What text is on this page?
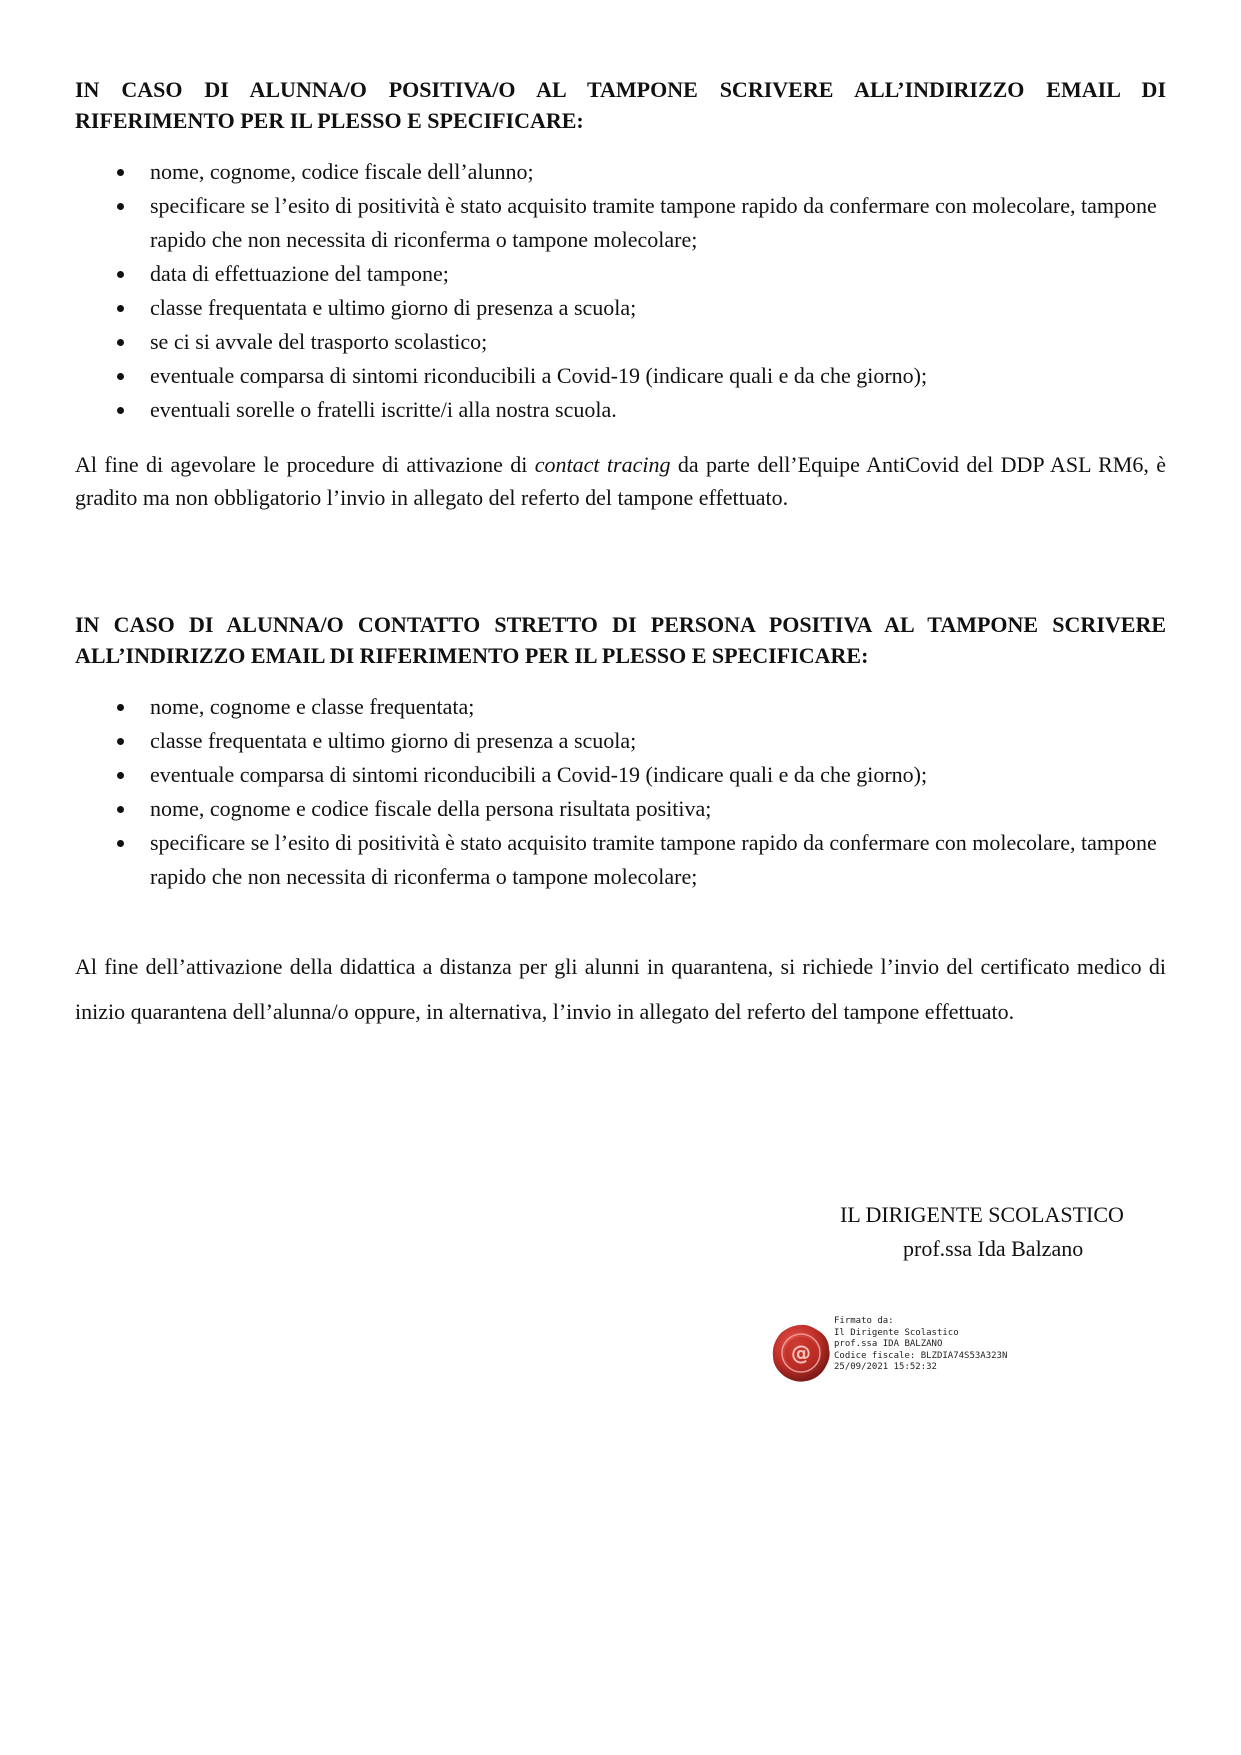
IN CASO DI ALUNNA/O POSITIVA/O AL TAMPONE SCRIVERE ALL’INDIRIZZO EMAIL DI RIFERIMENTO PER IL PLESSO E SPECIFICARE:
nome, cognome, codice fiscale dell’alunno;
specificare se l’esito di positività è stato acquisito tramite tampone rapido da confermare con molecolare, tampone rapido che non necessita di riconferma o tampone molecolare;
data di effettuazione del tampone;
classe frequentata e ultimo giorno di presenza a scuola;
se ci si avvale del trasporto scolastico;
eventuale comparsa di sintomi riconducibili a Covid-19 (indicare quali e da che giorno);
eventuali sorelle o fratelli iscritte/i alla nostra scuola.
Al fine di agevolare le procedure di attivazione di contact tracing da parte dell’Equipe AntiCovid del DDP ASL RM6, è gradito ma non obbligatorio l’invio in allegato del referto del tampone effettuato.
IN CASO DI ALUNNA/O CONTATTO STRETTO DI PERSONA POSITIVA AL TAMPONE SCRIVERE ALL’INDIRIZZO EMAIL DI RIFERIMENTO PER IL PLESSO E SPECIFICARE:
nome, cognome e classe frequentata;
classe frequentata e ultimo giorno di presenza a scuola;
eventuale comparsa di sintomi riconducibili a Covid-19 (indicare quali e da che giorno);
nome, cognome e codice fiscale della persona risultata positiva;
specificare se l’esito di positività è stato acquisito tramite tampone rapido da confermare con molecolare, tampone rapido che non necessita di riconferma o tampone molecolare;
Al fine dell’attivazione della didattica a distanza per gli alunni in quarantena, si richiede l’invio del certificato medico di inizio quarantena dell’alunna/o oppure, in alternativa, l’invio in allegato del referto del tampone effettuato.
IL DIRIGENTE SCOLASTICO
prof.ssa Ida Balzano
@
Firmato da:
Il Dirigente Scolastico
prof.ssa IDA BALZANO
Codice fiscale: BLZDIA74S53A323N
25/09/2021 15:52:32
